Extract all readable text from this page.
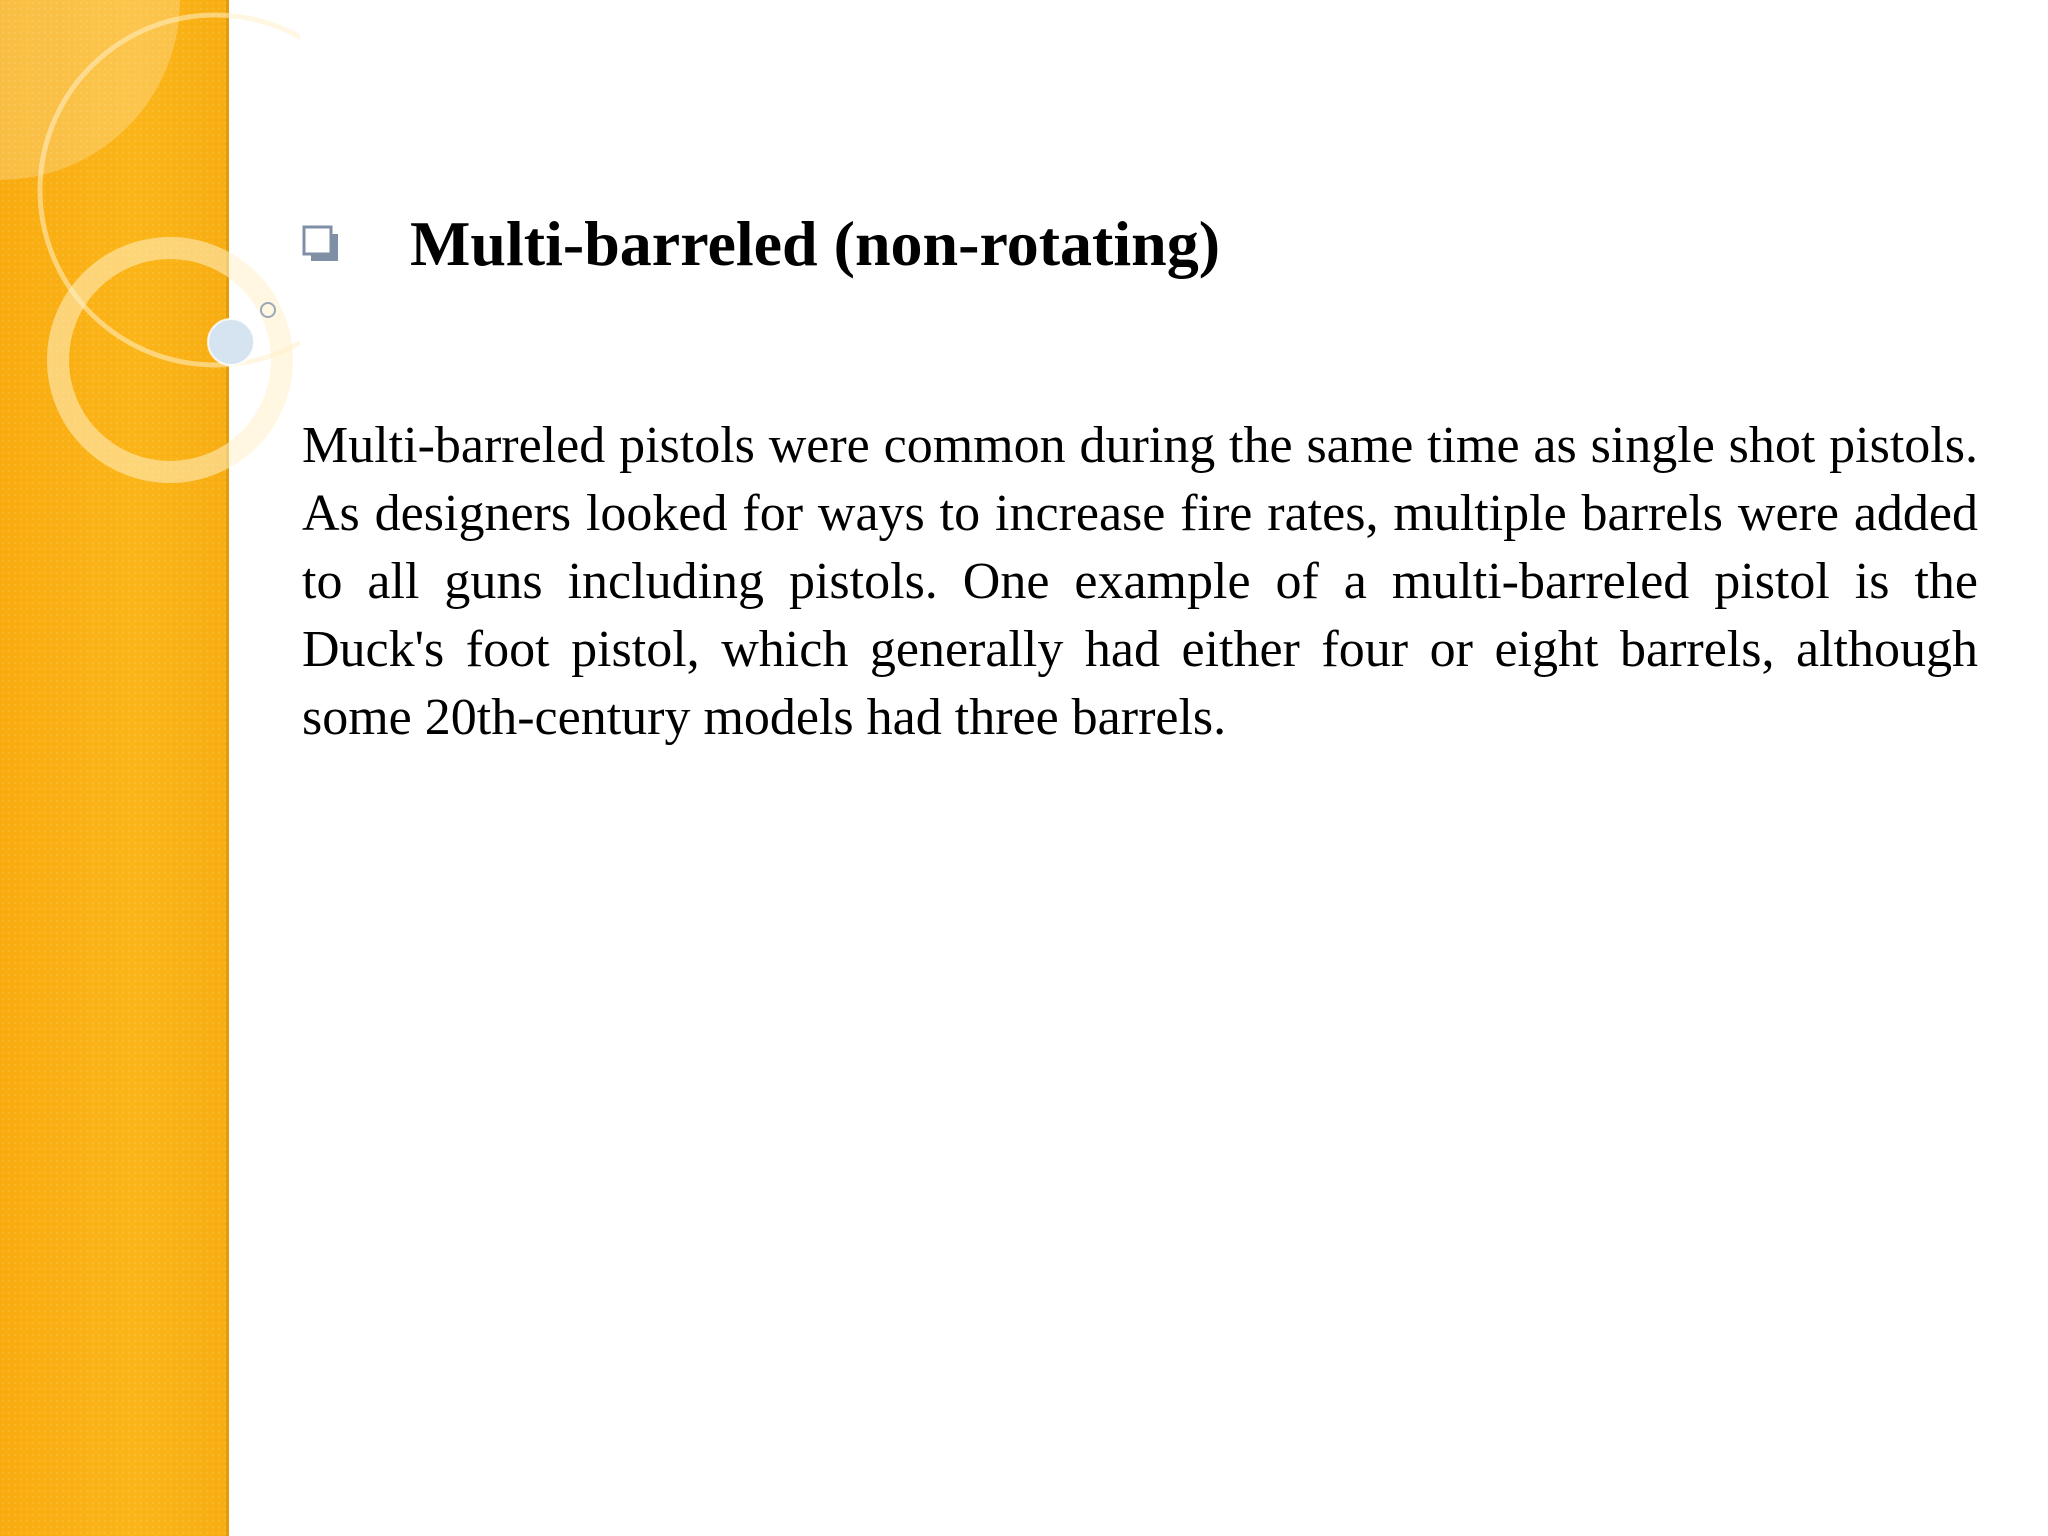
Multi-barreled (non-rotating)

Multi-barreled pistols were common during the same time as single shot pistols. As designers looked for ways to increase fire rates, multiple barrels were added to all guns including pistols. One example of a multi-barreled pistol is the Duck's foot pistol, which generally had either four or eight barrels, although some 20th-century models had three barrels.
